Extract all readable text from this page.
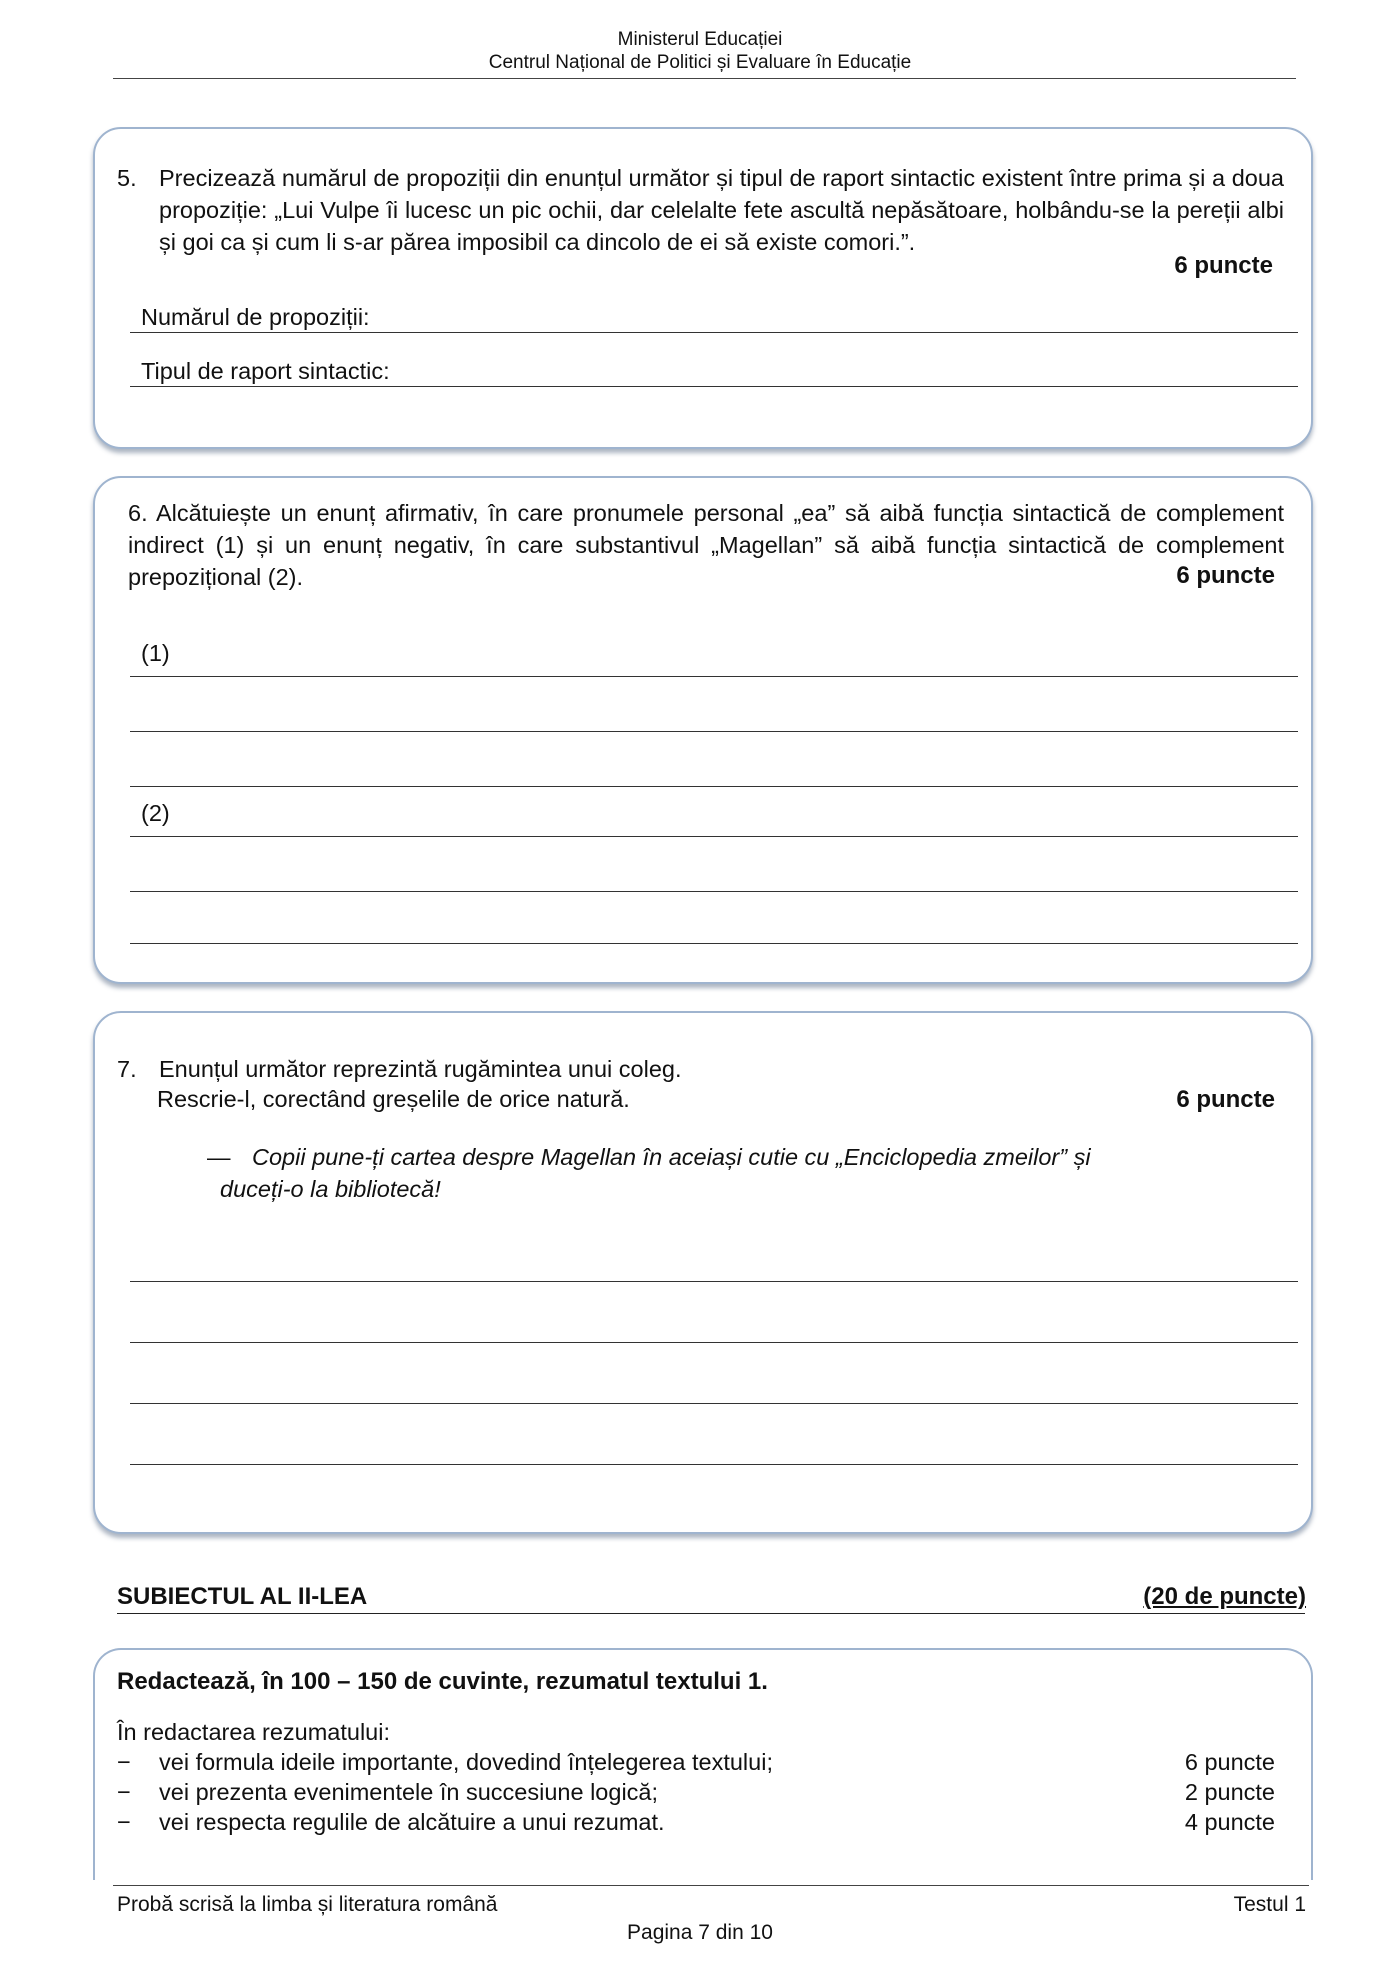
Ministerul Educației
Centrul Național de Politici și Evaluare în Educație
5. Precizează numărul de propoziții din enunțul următor și tipul de raport sintactic existent între prima și a doua propoziție: „Lui Vulpe îi lucesc un pic ochii, dar celelalte fete ascultă nepăsătoare, holbându-se la pereții albi și goi ca și cum li s-ar părea imposibil ca dincolo de ei să existe comori.”.
6 puncte
Numărul de propoziții:
Tipul de raport sintactic:
6. Alcătuiește un enunț afirmativ, în care pronumele personal „ea” să aibă funcția sintactică de complement indirect (1) și un enunț negativ, în care substantivul „Magellan” să aibă funcția sintactică de complement prepozițional (2).	6 puncte
(1)
(2)
7. Enunțul următor reprezintă rugămintea unui coleg.
Rescrie-l, corectând greșelile de orice natură.	6 puncte
— Copii pune-ți cartea despre Magellan în aceiași cutie cu „Enciclopedia zmeilor” și
duceți-o la bibliotecă!
SUBIECTUL AL II-LEA	(20 de puncte)
Redactează, în 100 – 150 de cuvinte, rezumatul textului 1.
În redactarea rezumatului:
− vei formula ideile importante, dovedind înțelegerea textului;	6 puncte
− vei prezenta evenimentele în succesiune logică;	2 puncte
− vei respecta regulile de alcătuire a unui rezumat.	4 puncte
Probă scrisă la limba și literatura română	Testul 1
Pagina 7 din 10
